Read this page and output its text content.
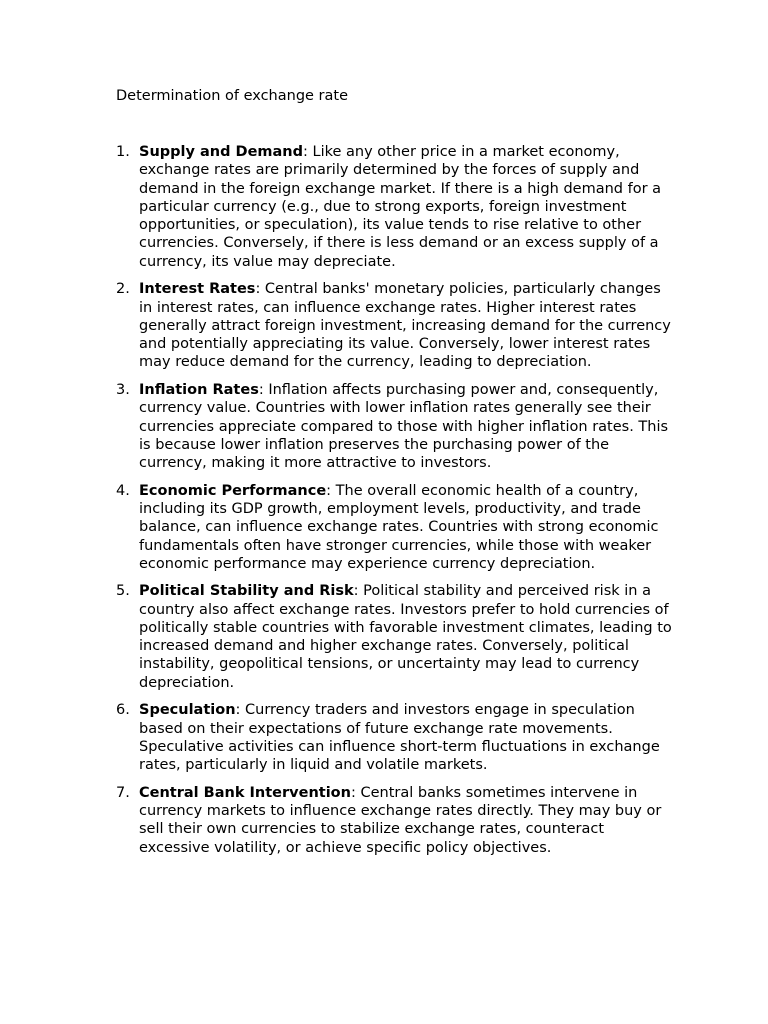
Determination of exchange rate
1. Supply and Demand: Like any other price in a market economy, exchange rates are primarily determined by the forces of supply and demand in the foreign exchange market. If there is a high demand for a particular currency (e.g., due to strong exports, foreign investment opportunities, or speculation), its value tends to rise relative to other currencies. Conversely, if there is less demand or an excess supply of a currency, its value may depreciate.
2. Interest Rates: Central banks' monetary policies, particularly changes in interest rates, can influence exchange rates. Higher interest rates generally attract foreign investment, increasing demand for the currency and potentially appreciating its value. Conversely, lower interest rates may reduce demand for the currency, leading to depreciation.
3. Inflation Rates: Inflation affects purchasing power and, consequently, currency value. Countries with lower inflation rates generally see their currencies appreciate compared to those with higher inflation rates. This is because lower inflation preserves the purchasing power of the currency, making it more attractive to investors.
4. Economic Performance: The overall economic health of a country, including its GDP growth, employment levels, productivity, and trade balance, can influence exchange rates. Countries with strong economic fundamentals often have stronger currencies, while those with weaker economic performance may experience currency depreciation.
5. Political Stability and Risk: Political stability and perceived risk in a country also affect exchange rates. Investors prefer to hold currencies of politically stable countries with favorable investment climates, leading to increased demand and higher exchange rates. Conversely, political instability, geopolitical tensions, or uncertainty may lead to currency depreciation.
6. Speculation: Currency traders and investors engage in speculation based on their expectations of future exchange rate movements. Speculative activities can influence short-term fluctuations in exchange rates, particularly in liquid and volatile markets.
7. Central Bank Intervention: Central banks sometimes intervene in currency markets to influence exchange rates directly. They may buy or sell their own currencies to stabilize exchange rates, counteract excessive volatility, or achieve specific policy objectives.
